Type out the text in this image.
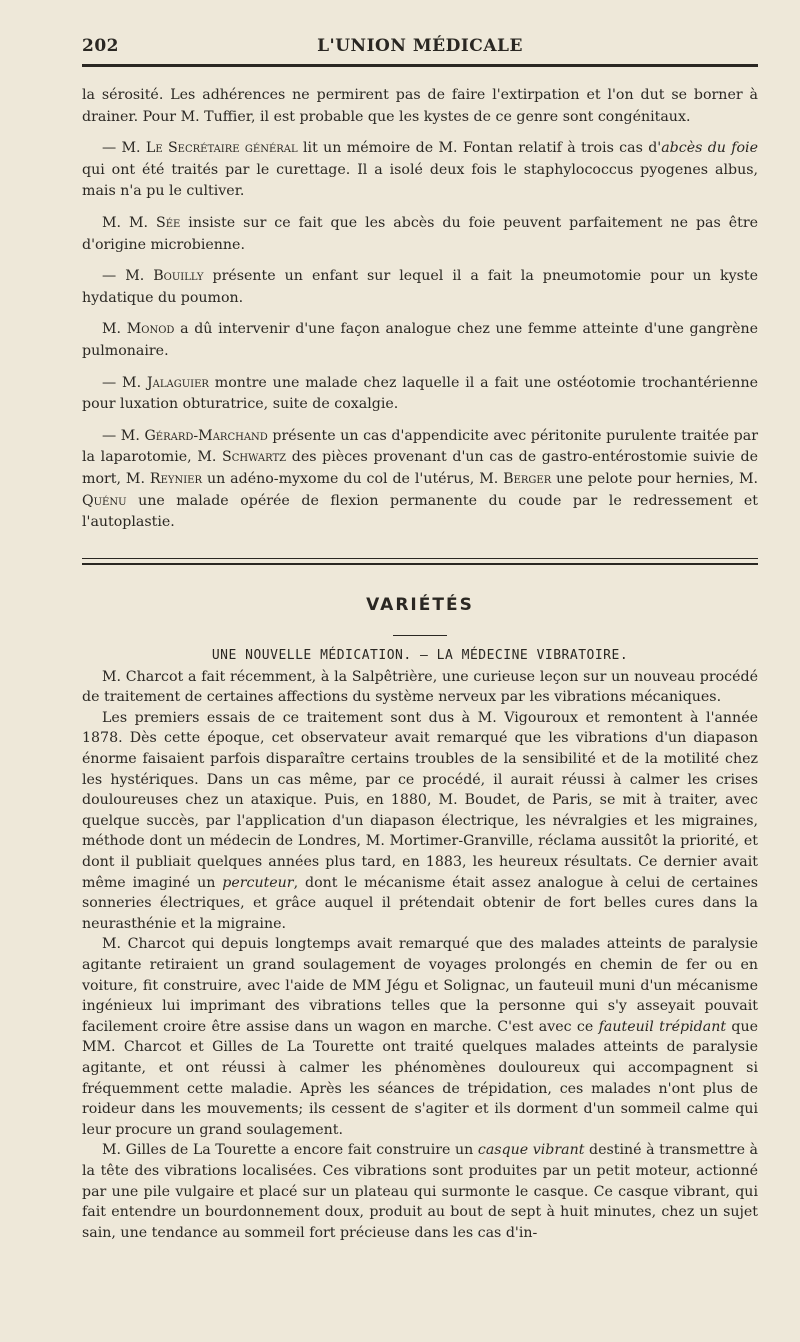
202	L'UNION MÉDICALE

la sérosité. Les adhérences ne permirent pas de faire l'extirpation et l'on dut se borner à drainer. Pour M. Tuffier, il est probable que les kystes de ce genre sont congénitaux.

— M. Le Secrétaire général lit un mémoire de M. Fontan relatif à trois cas d'abcès du foie qui ont été traités par le curettage. Il a isolé deux fois le staphylococcus pyogenes albus, mais n'a pu le cultiver.

M. M. Sée insiste sur ce fait que les abcès du foie peuvent parfaitement ne pas être d'origine microbienne.

— M. Bouilly présente un enfant sur lequel il a fait la pneumotomie pour un kyste hydatique du poumon.

M. Monod a dû intervenir d'une façon analogue chez une femme atteinte d'une gangrène pulmonaire.

— M. Jalaguier montre une malade chez laquelle il a fait une ostéotomie trochantérienne pour luxation obturatrice, suite de coxalgie.

— M. Gérard-Marchand présente un cas d'appendicite avec péritonite purulente traitée par la laparotomie, M. Schwartz des pièces provenant d'un cas de gastro-entérostomie suivie de mort, M. Reynier un adéno-myxome du col de l'utérus, M. Berger une pelote pour hernies, M. Quénu une malade opérée de flexion permanente du coude par le redressement et l'autoplastie.

VARIÉTÉS
UNE NOUVELLE MÉDICATION. — LA MÉDECINE VIBRATOIRE.

M. Charcot a fait récemment, à la Salpêtrière, une curieuse leçon sur un nouveau procédé de traitement de certaines affections du système nerveux par les vibrations mécaniques.

Les premiers essais de ce traitement sont dus à M. Vigouroux et remontent à l'année 1878. Dès cette époque, cet observateur avait remarqué que les vibrations d'un diapason énorme faisaient parfois disparaître certains troubles de la sensibilité et de la motilité chez les hystériques. Dans un cas même, par ce procédé, il aurait réussi à calmer les crises douloureuses chez un ataxique. Puis, en 1880, M. Boudet, de Paris, se mit à traiter, avec quelque succès, par l'application d'un diapason électrique, les névralgies et les migraines, méthode dont un médecin de Londres, M. Mortimer-Granville, réclama aussitôt la priorité, et dont il publiait quelques années plus tard, en 1883, les heureux résultats. Ce dernier avait même imaginé un percuteur, dont le mécanisme était assez analogue à celui de certaines sonneries électriques, et grâce auquel il prétendait obtenir de fort belles cures dans la neurasthénie et la migraine.

M. Charcot qui depuis longtemps avait remarqué que des malades atteints de paralysie agitante retiraient un grand soulagement de voyages prolongés en chemin de fer ou en voiture, fit construire, avec l'aide de MM Jégu et Solignac, un fauteuil muni d'un mécanisme ingénieux lui imprimant des vibrations telles que la personne qui s'y asseyait pouvait facilement croire être assise dans un wagon en marche. C'est avec ce fauteuil trépidant que MM. Charcot et Gilles de La Tourette ont traité quelques malades atteints de paralysie agitante, et ont réussi à calmer les phénomènes douloureux qui accompagnent si fréquemment cette maladie. Après les séances de trépidation, ces malades n'ont plus de roideur dans les mouvements; ils cessent de s'agiter et ils dorment d'un sommeil calme qui leur procure un grand soulagement.

M. Gilles de La Tourette a encore fait construire un casque vibrant destiné à transmettre à la tête des vibrations localisées. Ces vibrations sont produites par un petit moteur, actionné par une pile vulgaire et placé sur un plateau qui surmonte le casque. Ce casque vibrant, qui fait entendre un bourdonnement doux, produit au bout de sept à huit minutes, chez un sujet sain, une tendance au sommeil fort précieuse dans les cas d'in-
